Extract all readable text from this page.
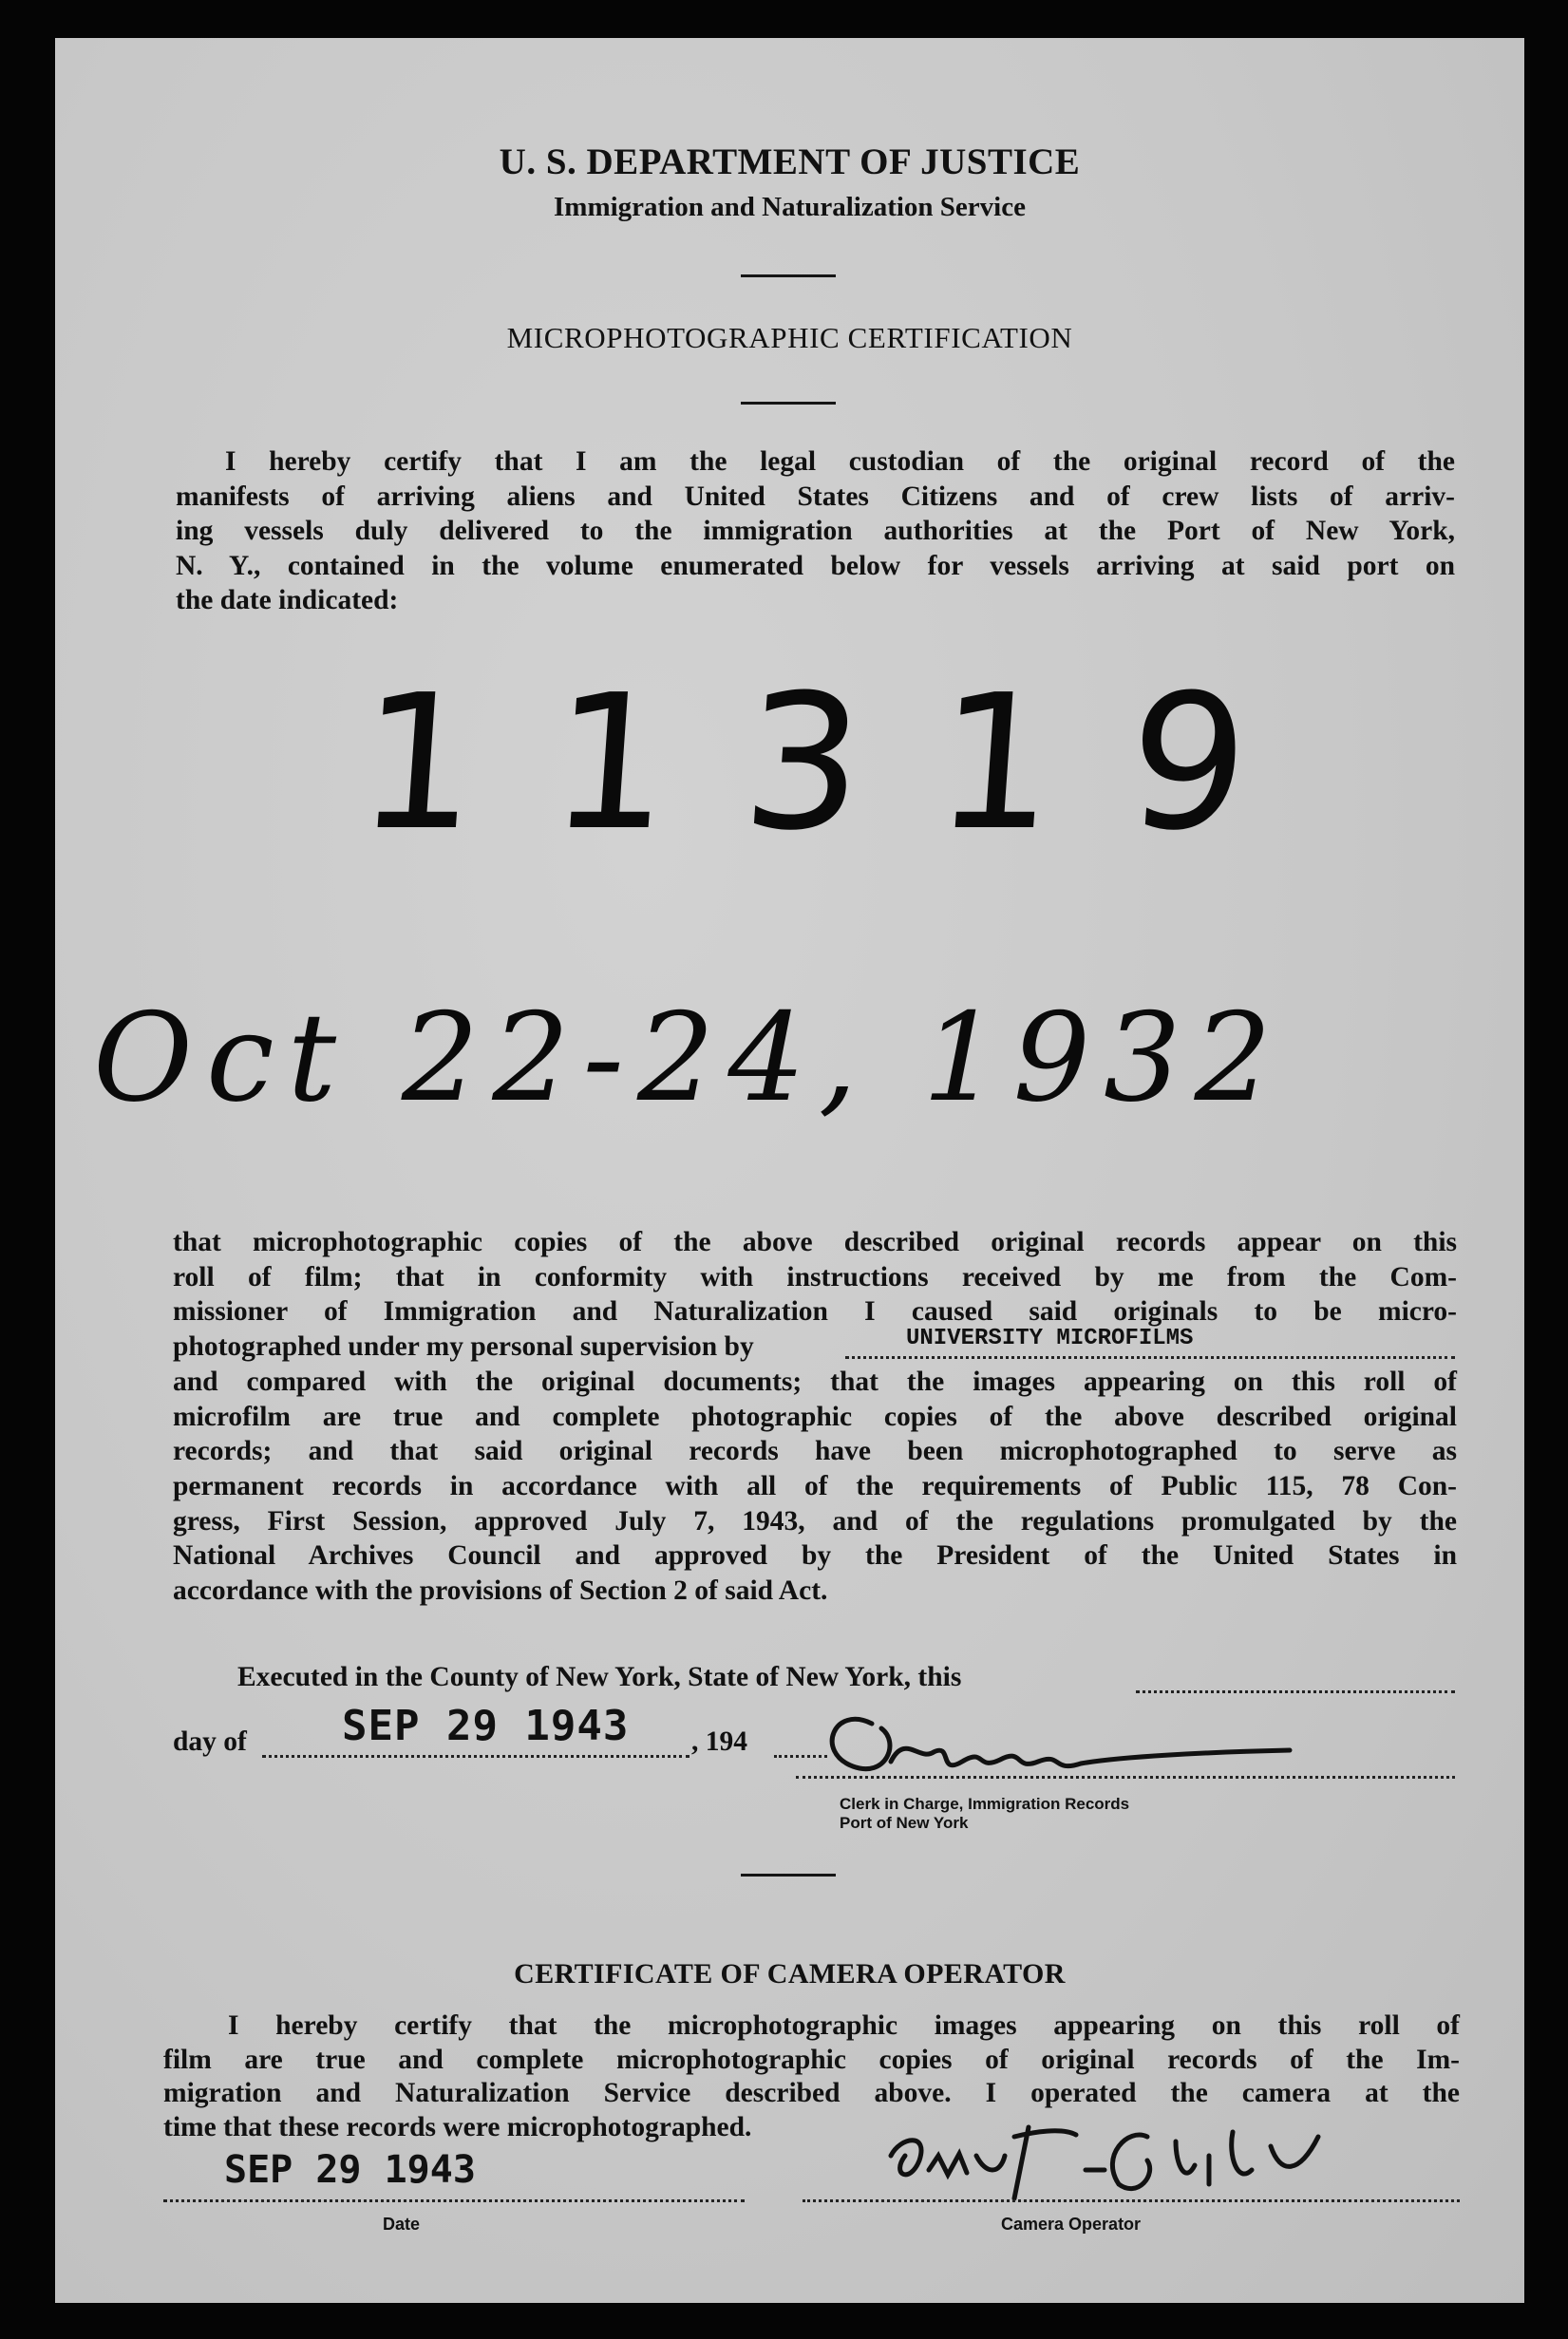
U. S. DEPARTMENT OF JUSTICE
Immigration and Naturalization Service
MICROPHOTOGRAPHIC CERTIFICATION
I hereby certify that I am the legal custodian of the original record of the
manifests of arriving aliens and United States Citizens and of crew lists of arriv-
ing vessels duly delivered to the immigration authorities at the Port of New York,
N. Y., contained in the volume enumerated below for vessels arriving at said port on
the date indicated:
11319
Oct 22-24, 1932
that microphotographic copies of the above described original records appear on this
roll of film; that in conformity with instructions received by me from the Com-
missioner of Immigration and Naturalization I caused said originals to be micro-
photographed under my personal supervision by
and compared with the original documents; that the images appearing on this roll of
microfilm are true and complete photographic copies of the above described original
records; and that said original records have been microphotographed to serve as
permanent records in accordance with all of the requirements of Public 115, 78 Con-
gress, First Session, approved July 7, 1943, and of the regulations promulgated by the
National Archives Council and approved by the President of the United States in
accordance with the provisions of Section 2 of said Act.
UNIVERSITY MICROFILMS
Executed in the County of New York, State of New York, this
day of SEP 29 1943 , 194
Clerk in Charge, Immigration Records
Port of New York
CERTIFICATE OF CAMERA OPERATOR
I hereby certify that the microphotographic images appearing on this roll of
film are true and complete microphotographic copies of original records of the Im-
migration and Naturalization Service described above. I operated the camera at the
time that these records were microphotographed.
SEP 29 1943
Date	Camera Operator
